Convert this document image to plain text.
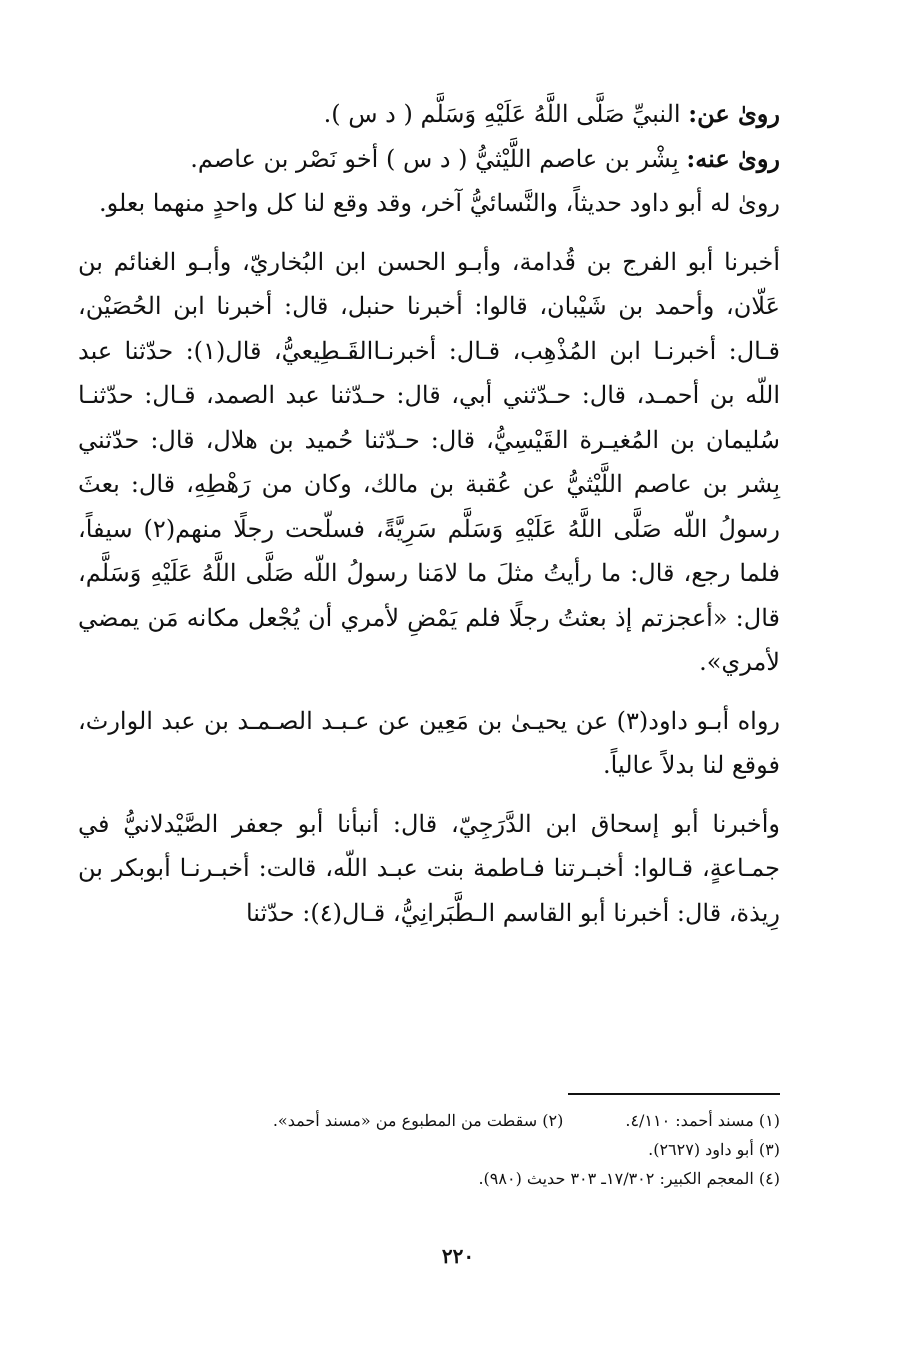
رویٰ عن: النبيِّ صَلَّى اللَّهُ عَلَيْهِ وَسَلَّم ( د س ).

رویٰ عنه: بِشْر بن عاصم اللَّيْثيُّ ( د س ) أخو نَصْر بن عاصم.

رویٰ له أبو داود حديثاً، والنَّسائيُّ آخر، وقد وقع لنا كل واحدٍ منهما بعلو.

أخبرنا أبو الفرج بن قُدامة، وأبـو الحسن ابن البُخاريّ، وأبـو الغنائم بن عَلّان، وأحمد بن شَيْبان، قالوا: أخبرنا حنبل، قال: أخبرنا ابن الحُصَيْن، قـال: أخبرنـا ابن المُذْهِب، قـال: أخبرنـاالقَـطِيعيُّ، قال(١): حدّثنا عبد اللّه بن أحمـد، قال: حـدّثني أبي، قال: حـدّثنا عبد الصمد، قـال: حدّثنـا سُليمان بن المُغيـرة القَيْسِيُّ، قال: حـدّثنا حُميد بن هلال، قال: حدّثني بِشر بن عاصم اللَّيْثيُّ عن عُقبة بن مالك، وكان من رَهْطِهِ، قال: بعثَ رسولُ اللّه صَلَّى اللَّهُ عَلَيْهِ وَسَلَّم سَرِيَّةً، فسلّحت رجلًا منهم(٢) سيفاً، فلما رجع، قال: ما رأيتُ مثلَ ما لامَنا رسولُ اللّه صَلَّى اللَّهُ عَلَيْهِ وَسَلَّم، قال: «أعجزتم إذ بعثتُ رجلًا فلم يَمْضِ لأمري أن يُجْعل مكانه مَن يمضي لأمري».

رواه أبـو داود(٣) عن يحيـىٰ بن مَعِين عن عـبـد الصـمـد بن عبد الوارث، فوقع لنا بدلاً عالياً.

وأخبرنا أبو إسحاق ابن الدَّرَجِيّ، قال: أنبأنا أبو جعفر الصَّيْدلانيُّ في جمـاعةٍ، قـالوا: أخبـرتنا فـاطمة بنت عبـد اللّه، قالت: أخبـرنـا أبوبكر بن رِيذة، قال: أخبرنا أبو القاسم الـطَّبَرانِيُّ، قـال(٤): حدّثنا

(١) مسند أحمد: ٤/١١٠.(٢) سقطت من المطبوع من «مسند أحمد».
(٣) أبو داود (٢٦٢٧).
(٤) المعجم الكبير: ١٧/٣٠٢ـ ٣٠٣ حديث (٩٨٠).
٢٢٠
